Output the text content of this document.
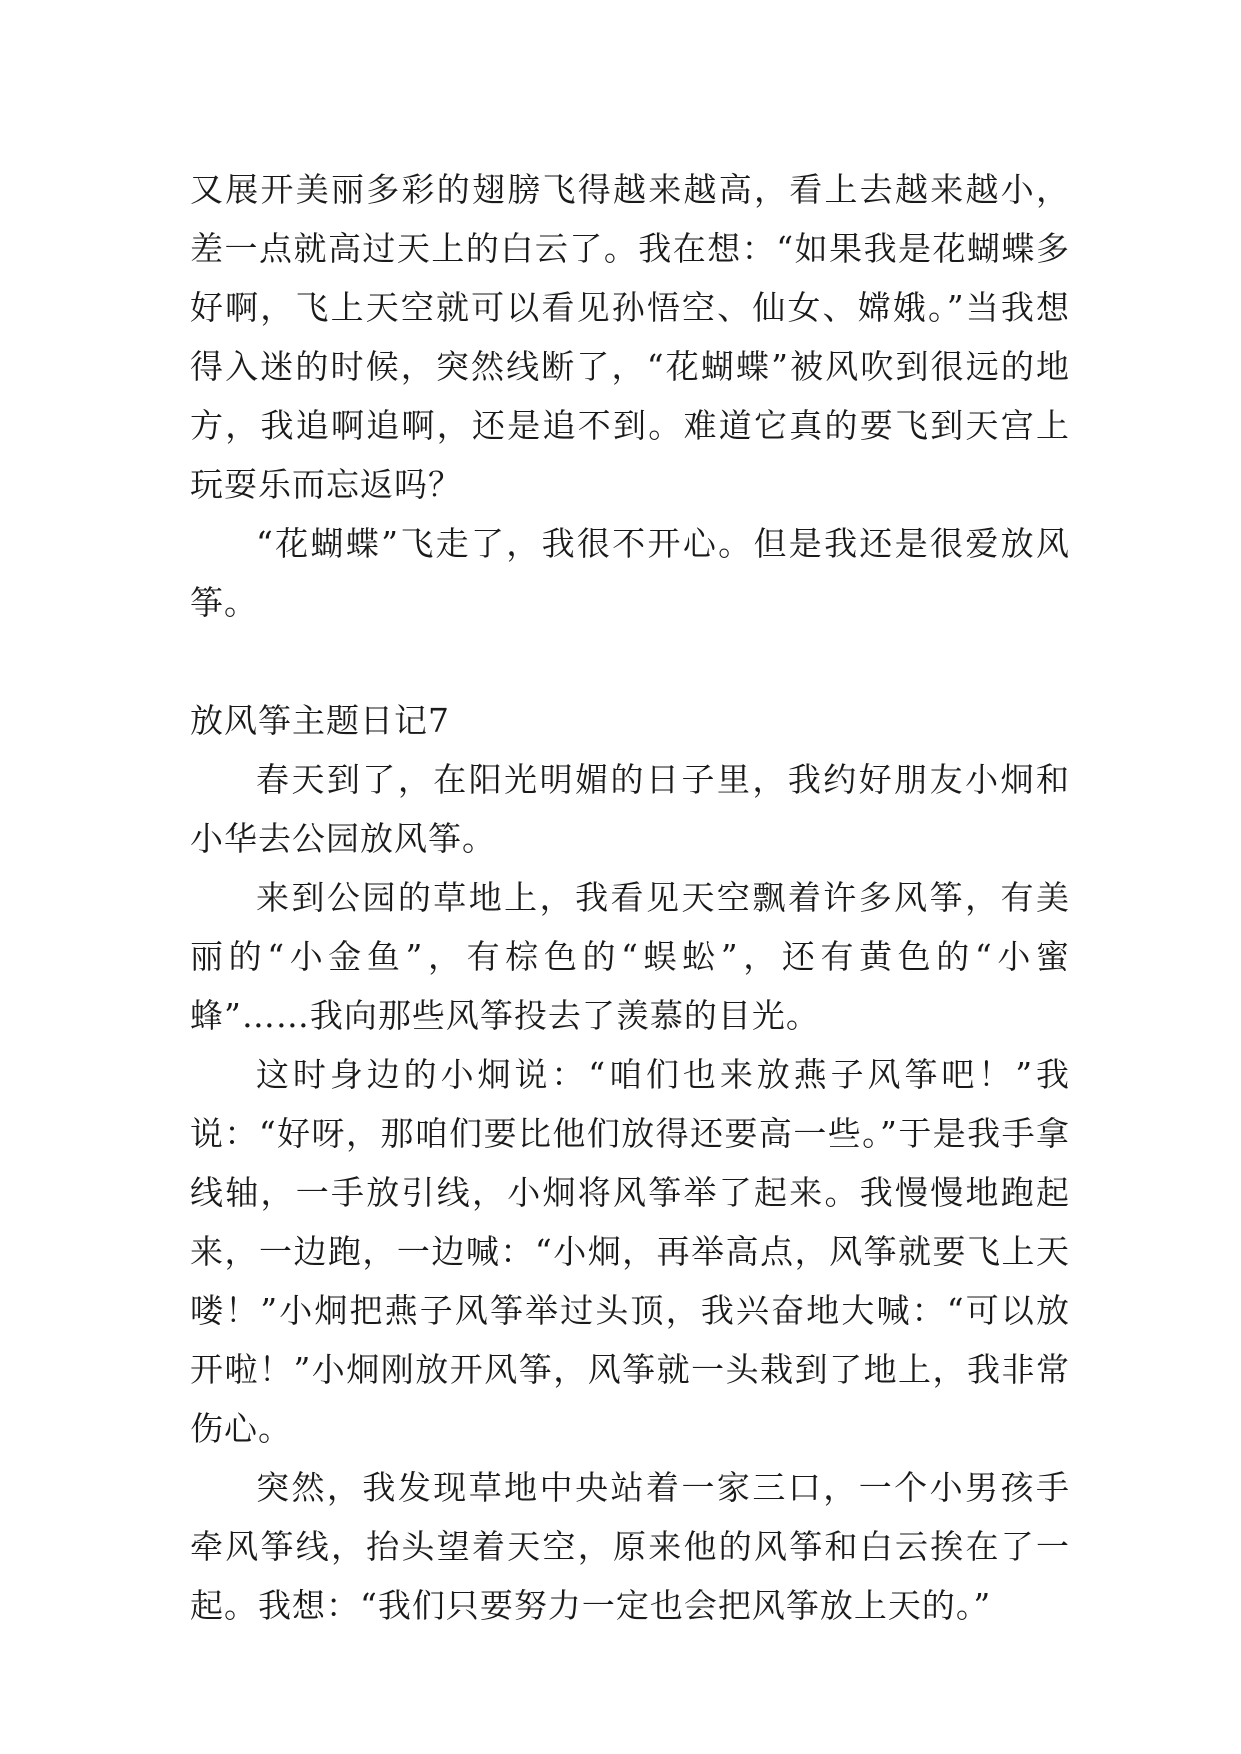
又展开美丽多彩的翅膀飞得越来越高，看上去越来越小，差一点就高过天上的白云了。我在想：“如果我是花蝴蝶多好啊，飞上天空就可以看见孙悟空、仙女、嫦娥。”当我想得入迷的时候，突然线断了，“花蝴蝶”被风吹到很远的地方，我追啊追啊，还是追不到。难道它真的要飞到天宫上玩耍乐而忘返吗？

“花蝴蝶”飞走了，我很不开心。但是我还是很爱放风筝。

放风筝主题日记7

春天到了，在阳光明媚的日子里，我约好朋友小炯和小华去公园放风筝。

来到公园的草地上，我看见天空飘着许多风筝，有美丽的“小金鱼”，有棕色的“蜈蚣”，还有黄色的“小蜜蜂”……我向那些风筝投去了羡慕的目光。

这时身边的小炯说：“咱们也来放燕子风筝吧！”我说：“好呀，那咱们要比他们放得还要高一些。”于是我手拿线轴，一手放引线，小炯将风筝举了起来。我慢慢地跑起来，一边跑，一边喊：“小炯，再举高点，风筝就要飞上天喽！”小炯把燕子风筝举过头顶，我兴奋地大喊：“可以放开啦！”小炯刚放开风筝，风筝就一头栽到了地上，我非常伤心。

突然，我发现草地中央站着一家三口，一个小男孩手牵风筝线，抬头望着天空，原来他的风筝和白云挨在了一起。我想：“我们只要努力一定也会把风筝放上天的。”
